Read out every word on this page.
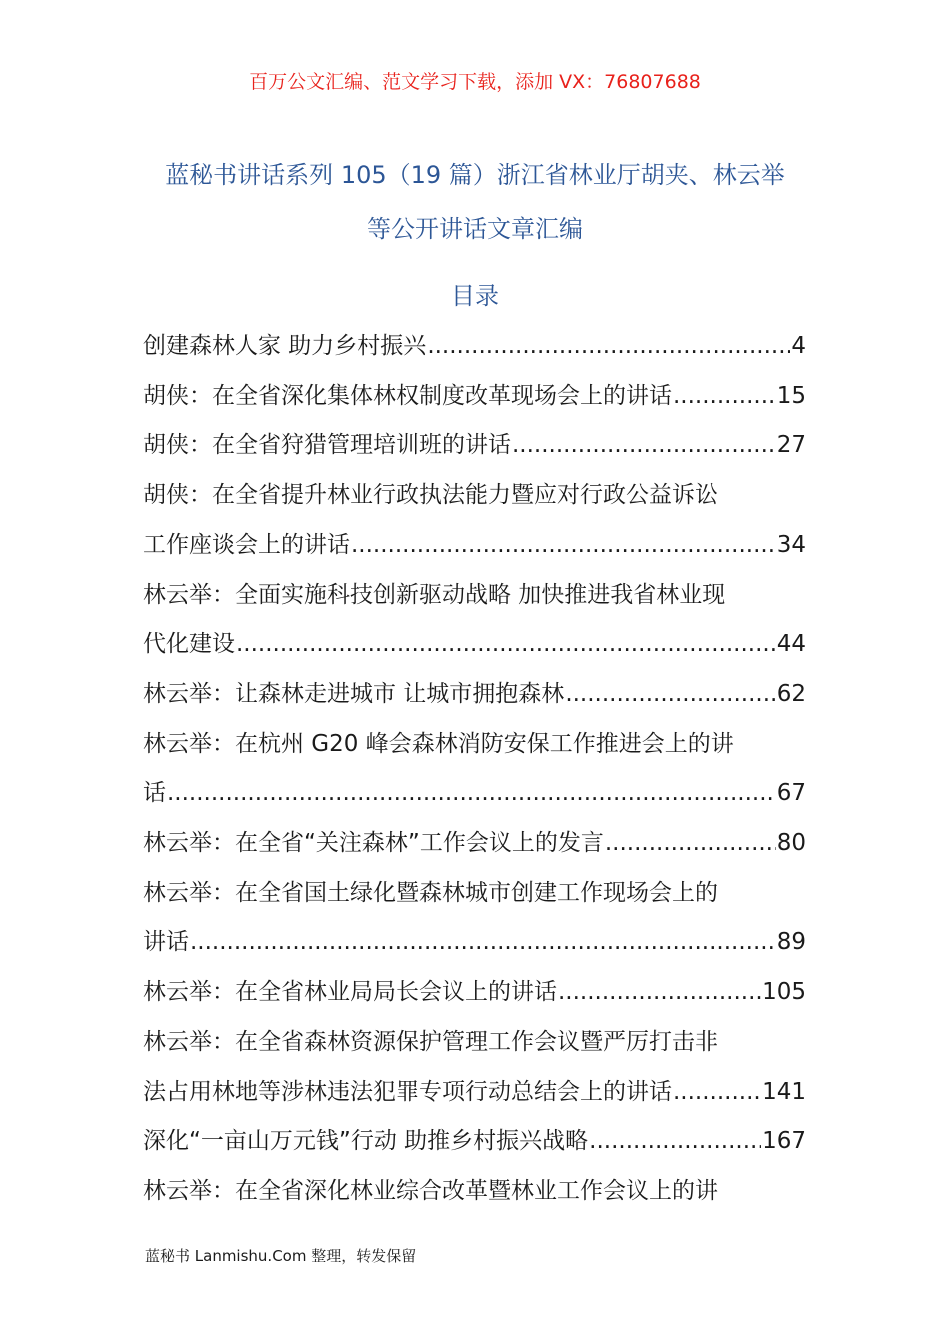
百万公文汇编、范文学习下载，添加 VX：76807688
蓝秘书讲话系列 105（19 篇）浙江省林业厅胡夹、林云举
等公开讲话文章汇编
目录
创建森林人家 助力乡村振兴 .....	4
胡侠：在全省深化集体林权制度改革现场会上的讲话 .....	15
胡侠：在全省狩猎管理培训班的讲话 .....	27
胡侠：在全省提升林业行政执法能力暨应对行政公益诉讼
工作座谈会上的讲话 .....	34
林云举：全面实施科技创新驱动战略 加快推进我省林业现
代化建设 .....	44
林云举：让森林走进城市 让城市拥抱森林 .....	62
林云举：在杭州 G20 峰会森林消防安保工作推进会上的讲
话 .....	67
林云举：在全省“关注森林”工作会议上的发言 .....	80
林云举：在全省国土绿化暨森林城市创建工作现场会上的
讲话 .....	89
林云举：在全省林业局局长会议上的讲话 .....	105
林云举：在全省森林资源保护管理工作会议暨严厉打击非
法占用林地等涉林违法犯罪专项行动总结会上的讲话 .....	141
深化“一亩山万元钱”行动 助推乡村振兴战略 .....	167
林云举：在全省深化林业综合改革暨林业工作会议上的讲
蓝秘书 Lanmishu.Com 整理，转发保留
